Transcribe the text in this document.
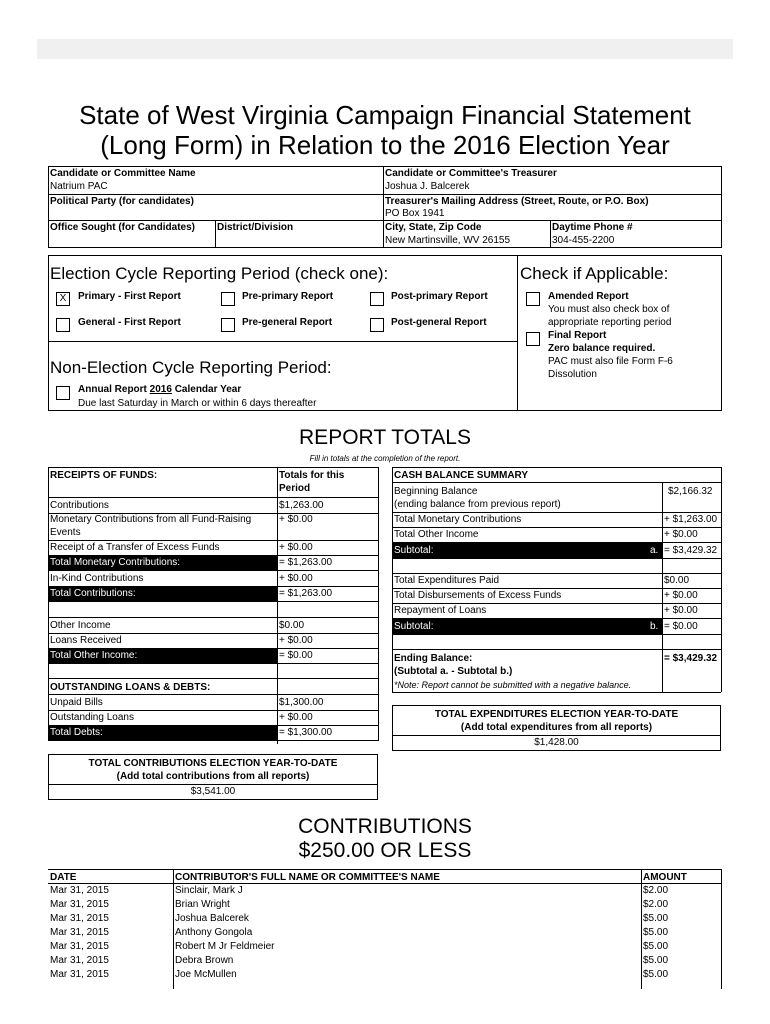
State of West Virginia Campaign Financial Statement
(Long Form) in Relation to the 2016 Election Year
Candidate or Committee Name
Natrium PAC
Candidate or Committee's Treasurer
Joshua J. Balcerek
Political Party (for candidates)	Treasurer's Mailing Address (Street, Route, or P.O. Box)
PO Box 1941
Office Sought (for Candidates) District/Division	City, State, Zip Code
New Martinsville, WV 26155
Daytime Phone #
304-455-2200
Election Cycle Reporting Period (check one):
X	Primary - First Report	Pre-primary Report	Post-primary Report
General - First Report	Pre-general Report	Post-general Report
Non-Election Cycle Reporting Period:
Annual Report 2016 Calendar Year
Due last Saturday in March or within 6 days thereafter
Check if Applicable:
Amended Report
You must also check box of
appropriate reporting period
Final Report
Zero balance required.
PAC must also file Form F-6
Dissolution
REPORT TOTALS
Fill in totals at the completion of the report.
RECEIPTS OF FUNDS:	Totals for this
Period
Contributions	$1,263.00
Monetary Contributions from all Fund-Raising
Events
+ $0.00
Receipt of a Transfer of Excess Funds	+ $0.00
Total Monetary Contributions:	= $1,263.00
In-Kind Contributions	+ $0.00
Total Contributions:	= $1,263.00
Other Income	$0.00
Loans Received	+ $0.00
Total Other Income:	= $0.00
OUTSTANDING LOANS & DEBTS:
Unpaid Bills	$1,300.00
Outstanding Loans	+ $0.00
Total Debts:	= $1,300.00
TOTAL CONTRIBUTIONS ELECTION YEAR-TO-DATE
(Add total contributions from all reports)
$3,541.00
CASH BALANCE SUMMARY
Beginning Balance
(ending balance from previous report)
$2,166.32
Total Monetary Contributions	+ $1,263.00
Total Other Income	+ $0.00
Subtotal:	a. = $3,429.32
Total Expenditures Paid	$0.00
Total Disbursements of Excess Funds	+ $0.00
Repayment of Loans	+ $0.00
Subtotal:	b. = $0.00
Ending Balance:
(Subtotal a. - Subtotal b.)
*Note: Report cannot be submitted with a negative balance.
= $3,429.32
TOTAL EXPENDITURES ELECTION YEAR-TO-DATE
(Add total expenditures from all reports)
$1,428.00
CONTRIBUTIONS
$250.00 OR LESS
DATE	CONTRIBUTOR'S FULL NAME OR COMMITTEE'S NAME	AMOUNT
Mar 31, 2015	Sinclair, Mark J	$2.00
Mar 31, 2015	Brian Wright	$2.00
Mar 31, 2015	Joshua Balcerek	$5.00
Mar 31, 2015	Anthony Gongola	$5.00
Mar 31, 2015	Robert M Jr Feldmeier	$5.00
Mar 31, 2015	Debra Brown	$5.00
Mar 31, 2015	Joe McMullen	$5.00
